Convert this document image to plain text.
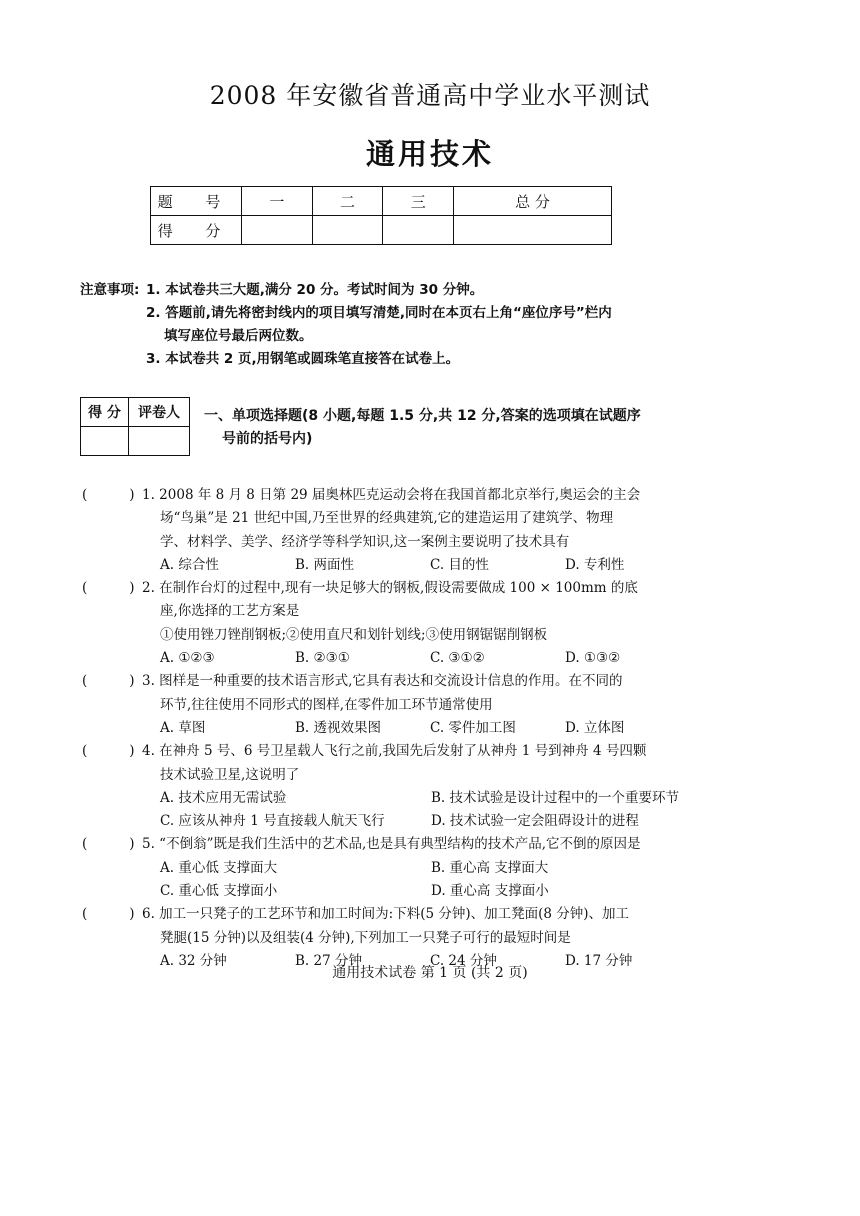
2008 年安徽省普通高中学业水平测试
通用技术
题 号	一	二	三	总 分
得 分				
注意事项: 1. 本试卷共三大题,满分 20 分。考试时间为 30 分钟。
2. 答题前,请先将密封线内的项目填写清楚,同时在本页右上角“座位序号”栏内
填写座位号最后两位数。
3. 本试卷共 2 页,用钢笔或圆珠笔直接答在试卷上。
得 分	评卷人
	一、单项选择题(8 小题,每题 1.5 分,共 12 分,答案的选项填在试题序
号前的括号内)
(	) 1. 2008 年 8 月 8 日第 29 届奥林匹克运动会将在我国首都北京举行,奥运会的主会
场“鸟巢”是 21 世纪中国,乃至世界的经典建筑,它的建造运用了建筑学、物理
学、材料学、美学、经济学等科学知识,这一案例主要说明了技术具有
A. 综合性	B. 两面性	C. 目的性	D. 专利性
(	) 2. 在制作台灯的过程中,现有一块足够大的钢板,假设需要做成 100 × 100mm 的底
座,你选择的工艺方案是
①使用锉刀锉削钢板;②使用直尺和划针划线;③使用钢锯锯削钢板
A. ①②③	B. ②③①	C. ③①②	D. ①③②
(	) 3. 图样是一种重要的技术语言形式,它具有表达和交流设计信息的作用。在不同的
环节,往往使用不同形式的图样,在零件加工环节通常使用
A. 草图	B. 透视效果图	C. 零件加工图	D. 立体图
(	) 4. 在神舟 5 号、6 号卫星载人飞行之前,我国先后发射了从神舟 1 号到神舟 4 号四颗
技术试验卫星,这说明了
A. 技术应用无需试验	B. 技术试验是设计过程中的一个重要环节
C. 应该从神舟 1 号直接载人航天飞行	D. 技术试验一定会阻碍设计的进程
(	) 5. “不倒翁”既是我们生活中的艺术品,也是具有典型结构的技术产品,它不倒的原因是
A. 重心低 支撑面大	B. 重心高 支撑面大
C. 重心低 支撑面小	D. 重心高 支撑面小
(	) 6. 加工一只凳子的工艺环节和加工时间为:下料(5 分钟)、加工凳面(8 分钟)、加工
凳腿(15 分钟)以及组装(4 分钟),下列加工一只凳子可行的最短时间是
A. 32 分钟	B. 27 分钟	C. 24 分钟	D. 17 分钟
通用技术试卷 第 1 页 (共 2 页)
